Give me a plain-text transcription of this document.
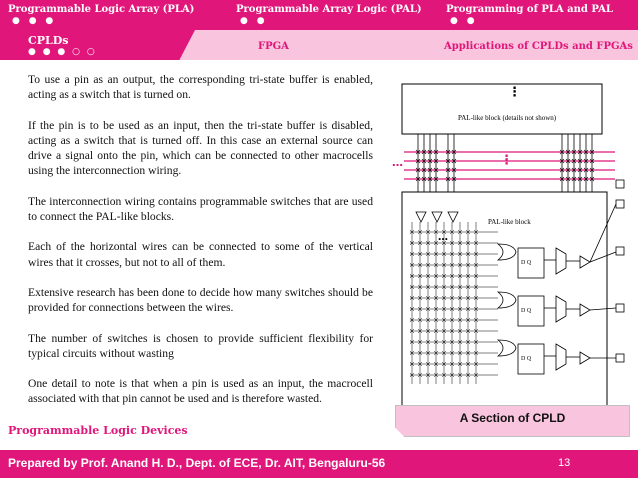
Programmable Logic Array (PLA)
● ● ●
Programmable Array Logic (PAL)
● ●
Programming of PLA and PAL
● ●
CPLDs
● ● ● ○ ○	FPGA	Applications of CPLDs and FPGAs

To use a pin as an output, the corresponding tri-state buffer is enabled, acting as a switch that is turned on.

If the pin is to be used as an input, then the tri-state buffer is disabled, acting as a switch that is turned off. In this case an external source can drive a signal onto the pin, which can be connected to other macrocells using the interconnection wiring.

The interconnection wiring contains programmable switches that are used to connect the PAL-like blocks.

Each of the horizontal wires can be connected to some of the vertical wires that it crosses, but not to all of them.

Extensive research has been done to decide how many switches should be provided for connections between the wires.

The number of switches is chosen to provide sufficient flexibility for typical circuits without wasting

One detail to note is that when a pin is used as an input, the macrocell associated with that pin cannot be used and is therefore wasted.

⋮
PAL-like block (details not shown)
…	⋮
PAL-like block
…
D Q
D Q
D Q
A Section of CPLD
Programmable Logic Devices
Prepared by Prof. Anand H. D., Dept. of ECE, Dr. AIT, Bengaluru-56	13
